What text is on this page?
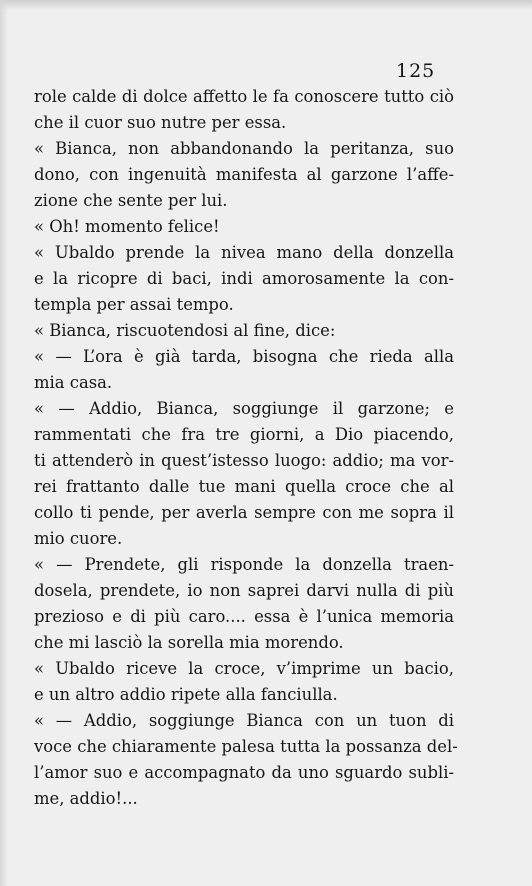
125
role calde di dolce affetto le fa conoscere tutto ciò
che il cuor suo nutre per essa.
« Bianca, non abbandonando la peritanza, suo
dono, con ingenuità manifesta al garzone l’affe-
zione che sente per lui.
« Oh! momento felice!
« Ubaldo prende la nivea mano della donzella
e la ricopre di baci, indi amorosamente la con-
templa per assai tempo.
« Bianca, riscuotendosi al fine, dice:
« — L’ora è già tarda, bisogna che rieda alla
mia casa.
« — Addio, Bianca, soggiunge il garzone; e
rammentati che fra tre giorni, a Dio piacendo,
ti attenderò in quest’istesso luogo: addio; ma vor-
rei frattanto dalle tue mani quella croce che al
collo ti pende, per averla sempre con me sopra il
mio cuore.
« — Prendete, gli risponde la donzella traen-
dosela, prendete, io non saprei darvi nulla di più
prezioso e di più caro.... essa è l’unica memoria
che mi lasciò la sorella mia morendo.
« Ubaldo riceve la croce, v’imprime un bacio,
e un altro addio ripete alla fanciulla.
« — Addio, soggiunge Bianca con un tuon di
voce che chiaramente palesa tutta la possanza del-
l’amor suo e accompagnato da uno sguardo subli-
me, addio!...
